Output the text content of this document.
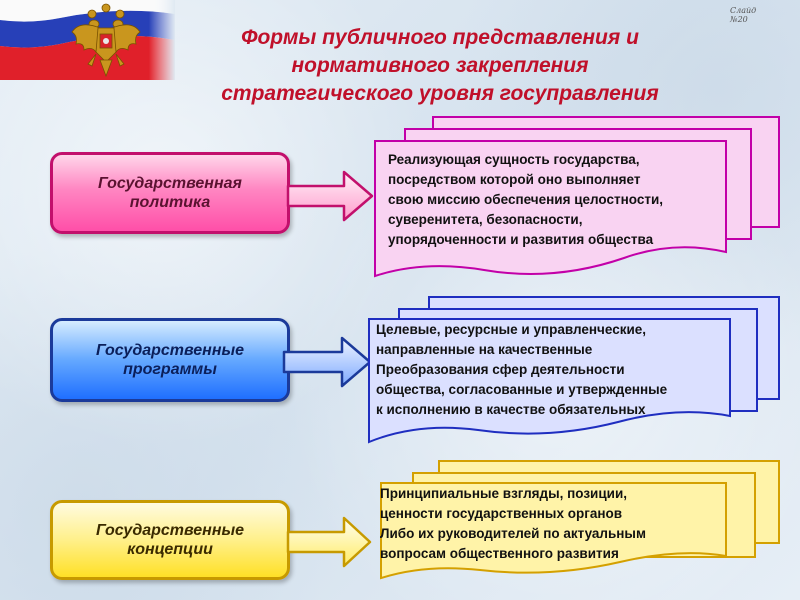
Слайд
№20
Формы публичного представления и
нормативного закрепления
стратегического уровня госуправления
Государственная
политика
Реализующая сущность государства,
посредством которой оно выполняет
свою миссию обеспечения целостности,
суверенитета, безопасности,
упорядоченности и развития общества
Государственные
программы
Целевые, ресурсные и управленческие,
направленные на качественные
Преобразования сфер деятельности
общества, согласованные и утвержденные
к исполнению в качестве обязательных
Государственные
концепции
Принципиальные взгляды, позиции,
ценности государственных органов
Либо их руководителей по актуальным
вопросам общественного развития
